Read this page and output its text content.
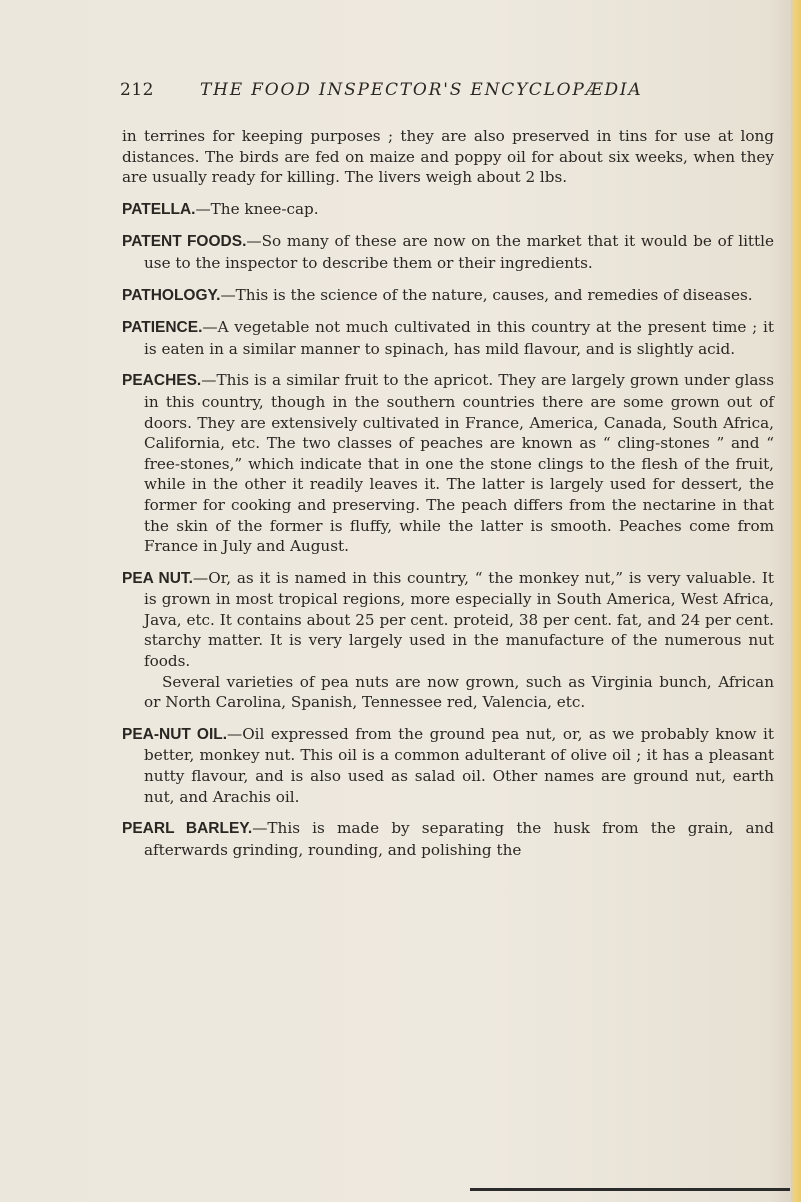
212	THE FOOD INSPECTOR'S ENCYCLOPÆDIA

in terrines for keeping purposes ; they are also preserved in tins for use at long distances. The birds are fed on maize and poppy oil for about six weeks, when they are usually ready for killing. The livers weigh about 2 lbs.

PATELLA.—The knee-cap.

PATENT FOODS.—So many of these are now on the market that it would be of little use to the inspector to describe them or their ingredients.

PATHOLOGY.—This is the science of the nature, causes, and remedies of diseases.

PATIENCE.—A vegetable not much cultivated in this country at the present time ; it is eaten in a similar manner to spinach, has mild flavour, and is slightly acid.

PEACHES.—This is a similar fruit to the apricot. They are largely grown under glass in this country, though in the southern countries there are some grown out of doors. They are extensively cultivated in France, America, Canada, South Africa, California, etc. The two classes of peaches are known as “ cling-stones ” and “ free-stones,” which indicate that in one the stone clings to the flesh of the fruit, while in the other it readily leaves it. The latter is largely used for dessert, the former for cooking and preserving. The peach differs from the nectarine in that the skin of the former is fluffy, while the latter is smooth. Peaches come from France in July and August.

PEA NUT.—Or, as it is named in this country, “ the monkey nut,” is very valuable. It is grown in most tropical regions, more especially in South America, West Africa, Java, etc. It contains about 25 per cent. proteid, 38 per cent. fat, and 24 per cent. starchy matter. It is very largely used in the manufacture of the numerous nut foods.
Several varieties of pea nuts are now grown, such as Virginia bunch, African or North Carolina, Spanish, Tennessee red, Valencia, etc.

PEA-NUT OIL.—Oil expressed from the ground pea nut, or, as we probably know it better, monkey nut. This oil is a common adulterant of olive oil ; it has a pleasant nutty flavour, and is also used as salad oil. Other names are ground nut, earth nut, and Arachis oil.

PEARL BARLEY.—This is made by separating the husk from the grain, and afterwards grinding, rounding, and polishing the
